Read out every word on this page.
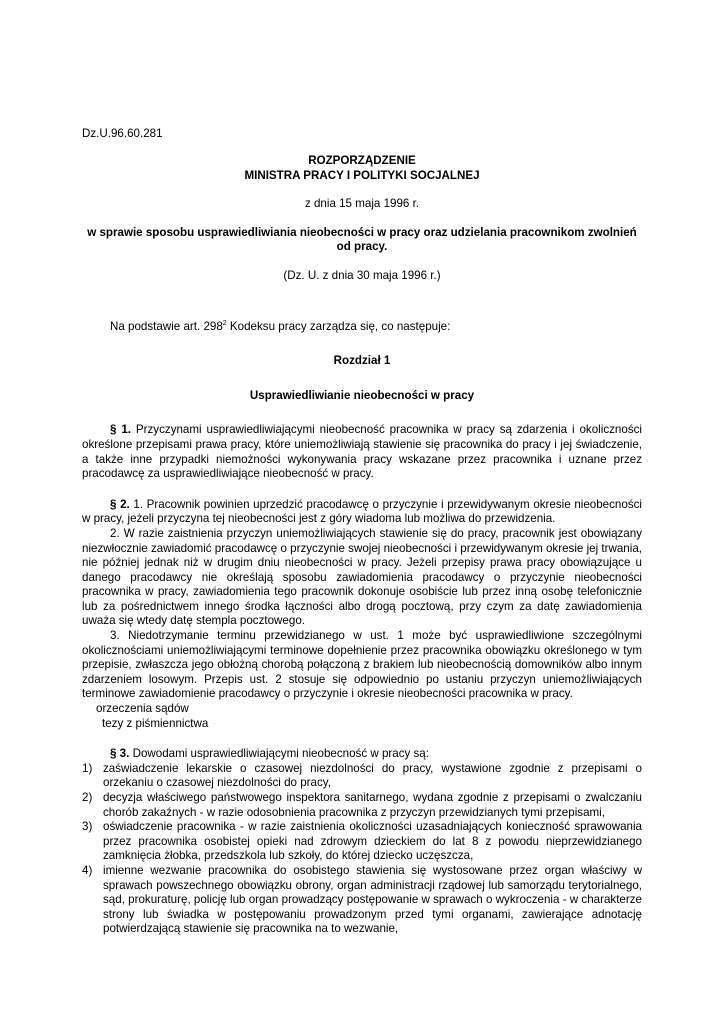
Dz.U.96.60.281

ROZPORZĄDZENIE

MINISTRA PRACY I POLITYKI SOCJALNEJ

z dnia 15 maja 1996 r.

w sprawie sposobu usprawiedliwiania nieobecności w pracy oraz udzielania pracownikom zwolnień od pracy.

(Dz. U. z dnia 30 maja 1996 r.)

Na podstawie art. $298^2$ Kodeksu pracy zarządza się, co następuje:

Rozdział 1

Usprawiedliwianie nieobecności w pracy

§ 1. Przyczynami usprawiedliwiającymi nieobecność pracownika w pracy są zdarzenia i okoliczności określone przepisami prawa pracy, które uniemożliwiają stawienie się pracownika do pracy i jej świadczenie, a także inne przypadki niemożności wykonywania pracy wskazane przez pracownika i uznane przez pracodawcę za usprawiedliwiające nieobecność w pracy.

§ 2. 1. Pracownik powinien uprzedzić pracodawcę o przyczynie i przewidywanym okresie nieobecności w pracy, jeżeli przyczyna tej nieobecności jest z góry wiadoma lub możliwa do przewidzenia.

2. W razie zaistnienia przyczyn uniemożliwiających stawienie się do pracy, pracownik jest obowiązany niezwłocznie zawiadomić pracodawcę o przyczynie swojej nieobecności i przewidywanym okresie jej trwania, nie później jednak niż w drugim dniu nieobecności w pracy. Jeżeli przepisy prawa pracy obowiązujące u danego pracodawcy nie określają sposobu zawiadomienia pracodawcy o przyczynie nieobecności pracownika w pracy, zawiadomienia tego pracownik dokonuje osobiście lub przez inną osobę telefonicznie lub za pośrednictwem innego środka łączności albo drogą pocztową, przy czym za datę zawiadomienia uważa się wtedy datę stempla pocztowego.

3. Niedotrzymanie terminu przewidzianego w ust. 1 może być usprawiedliwione szczególnymi okolicznościami uniemożliwiającymi terminowe dopełnienie przez pracownika obowiązku określonego w tym przepisie, zwłaszcza jego obłożną chorobą połączoną z brakiem lub nieobecnością domowników albo innym zdarzeniem losowym. Przepis ust. 2 stosuje się odpowiednio po ustaniu przyczyn uniemożliwiających terminowe zawiadomienie pracodawcy o przyczynie i okresie nieobecności pracownika w pracy.

orzeczenia sądów

tezy z piśmiennictwa

§ 3. Dowodami usprawiedliwiającymi nieobecność w pracy są:

1) zaświadczenie lekarskie o czasowej niezdolności do pracy, wystawione zgodnie z przepisami o orzekaniu o czasowej niezdolności do pracy,
2) decyzja właściwego państwowego inspektora sanitarnego, wydana zgodnie z przepisami o zwalczaniu chorób zakaźnych - w razie odosobnienia pracownika z przyczyn przewidzianych tymi przepisami,
3) oświadczenie pracownika - w razie zaistnienia okoliczności uzasadniających konieczność sprawowania przez pracownika osobistej opieki nad zdrowym dzieckiem do lat 8 z powodu nieprzewidzianego zamknięcia żłobka, przedszkola lub szkoły, do której dziecko uczęszcza,
4) imienne wezwanie pracownika do osobistego stawienia się wystosowane przez organ właściwy w sprawach powszechnego obowiązku obrony, organ administracji rządowej lub samorządu terytorialnego, sąd, prokuraturę, policję lub organ prowadzący postępowanie w sprawach o wykroczenia - w charakterze strony lub świadka w postępowaniu prowadzonym przed tymi organami, zawierające adnotację potwierdzającą stawienie się pracownika na to wezwanie,
